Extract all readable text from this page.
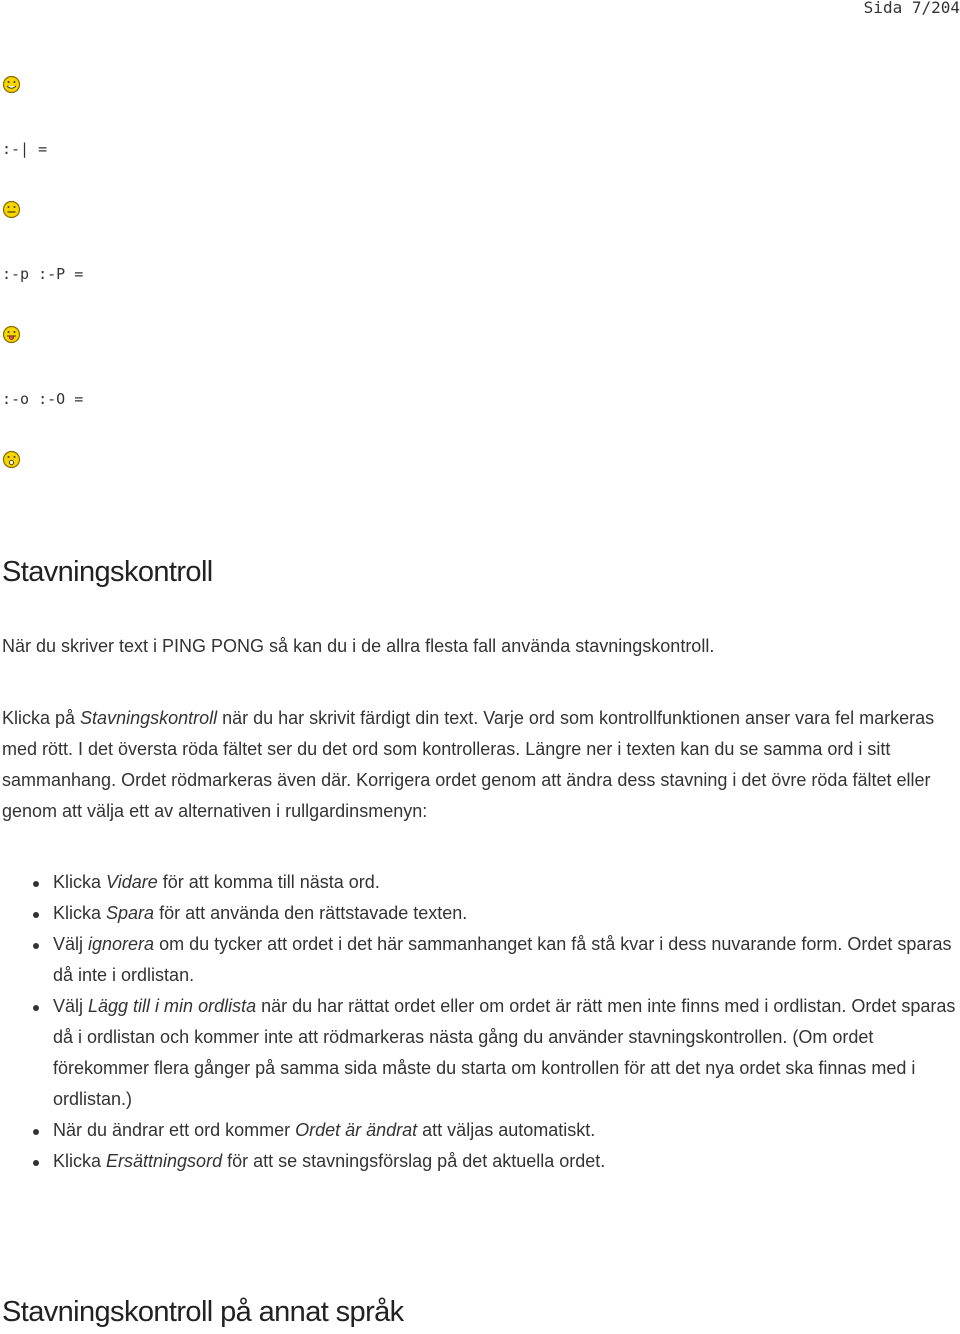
Sida 7/204
:-| =
:-p :-P =
:-o :-O =
Stavningskontroll

När du skriver text i PING PONG så kan du i de allra flesta fall använda stavningskontroll.

Klicka på Stavningskontroll när du har skrivit färdigt din text. Varje ord som kontrollfunktionen anser vara fel markeras med rött. I det översta röda fältet ser du det ord som kontrolleras. Längre ner i texten kan du se samma ord i sitt sammanhang. Ordet rödmarkeras även där. Korrigera ordet genom att ändra dess stavning i det övre röda fältet eller genom att välja ett av alternativen i rullgardinsmenyn:

Klicka Vidare för att komma till nästa ord.
Klicka Spara för att använda den rättstavade texten.
Välj ignorera om du tycker att ordet i det här sammanhanget kan få stå kvar i dess nuvarande form. Ordet sparas då inte i ordlistan.
Välj Lägg till i min ordlista när du har rättat ordet eller om ordet är rätt men inte finns med i ordlistan. Ordet sparas då i ordlistan och kommer inte att rödmarkeras nästa gång du använder stavningskontrollen. (Om ordet förekommer flera gånger på samma sida måste du starta om kontrollen för att det nya ordet ska finnas med i ordlistan.)
När du ändrar ett ord kommer Ordet är ändrat att väljas automatiskt.
Klicka Ersättningsord för att se stavningsförslag på det aktuella ordet.
Stavningskontroll på annat språk
